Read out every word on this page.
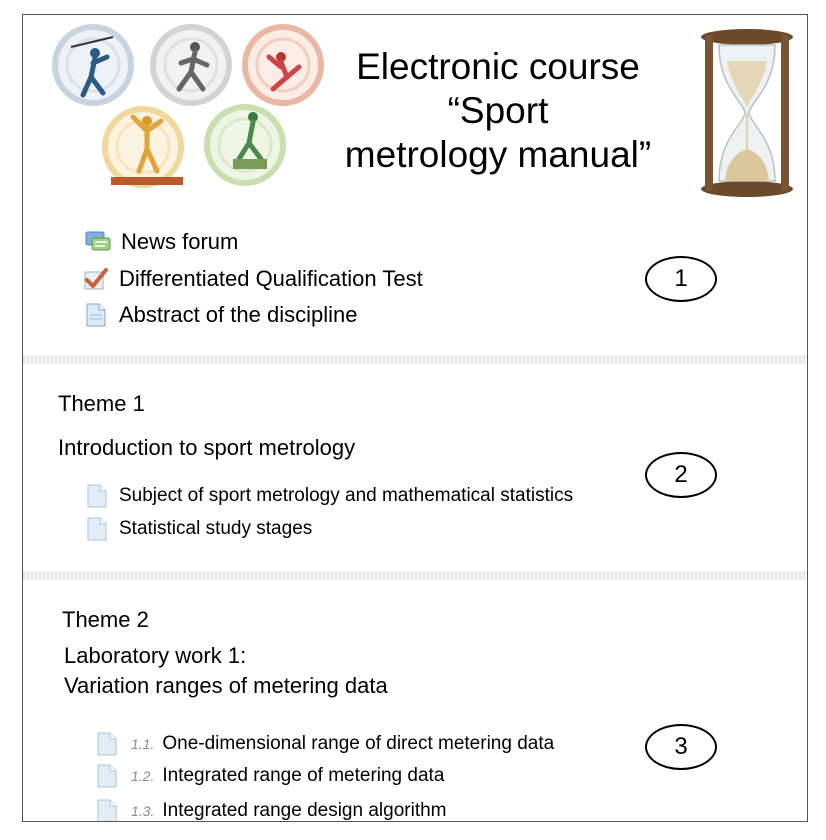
Electronic course
“Sport
metrology manual”
News forum
Differentiated Qualification Test
Abstract of the discipline
1
Theme 1
Introduction to sport metrology
Subject of sport metrology and mathematical statistics
Statistical study stages
2
Theme 2
Laboratory work 1:
Variation ranges of metering data
1.1. One-dimensional range of direct metering data
1.2. Integrated range of metering data
1.3. Integrated range design algorithm
3
